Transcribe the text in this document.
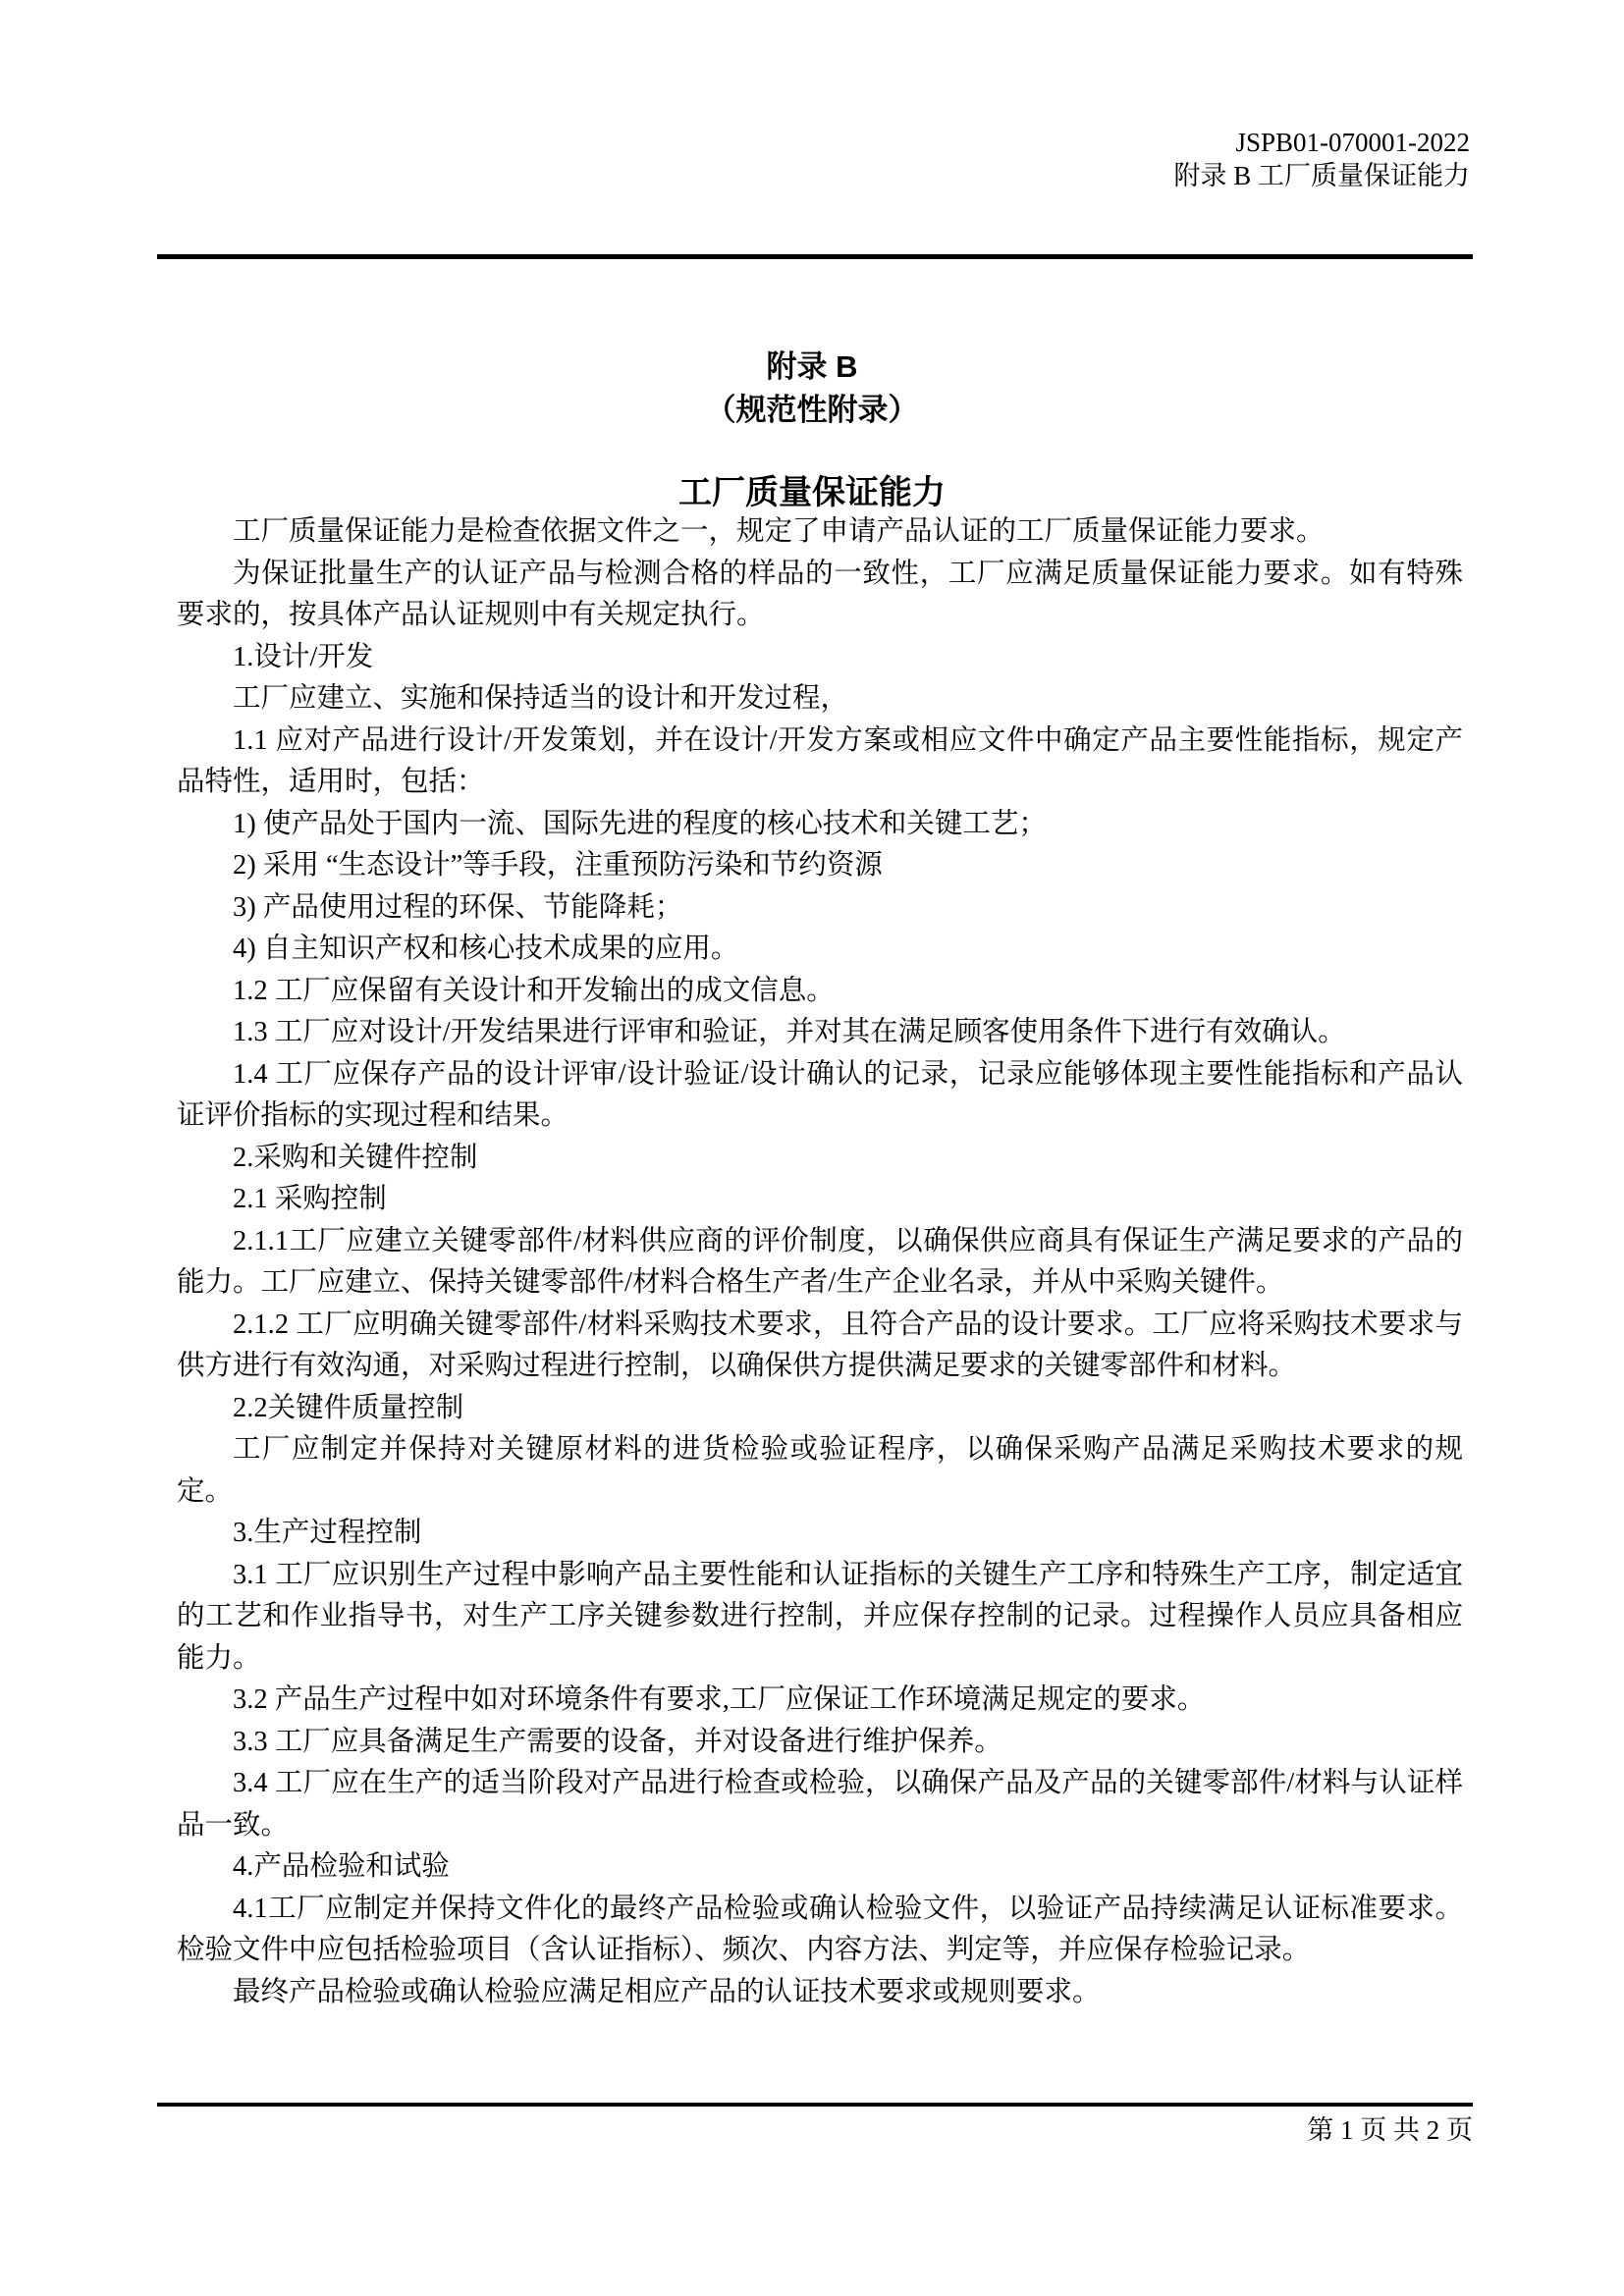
JSPB01-070001-2022
附录 B 工厂质量保证能力
附录 B
（规范性附录）
工厂质量保证能力

工厂质量保证能力是检查依据文件之一，规定了申请产品认证的工厂质量保证能力要求。

为保证批量生产的认证产品与检测合格的样品的一致性，工厂应满足质量保证能力要求。如有特殊要求的，按具体产品认证规则中有关规定执行。

1.设计/开发

工厂应建立、实施和保持适当的设计和开发过程，

1.1 应对产品进行设计/开发策划，并在设计/开发方案或相应文件中确定产品主要性能指标，规定产品特性，适用时，包括：

1) 使产品处于国内一流、国际先进的程度的核心技术和关键工艺；

2) 采用 “生态设计”等手段，注重预防污染和节约资源

3) 产品使用过程的环保、节能降耗；

4) 自主知识产权和核心技术成果的应用。

1.2 工厂应保留有关设计和开发输出的成文信息。

1.3 工厂应对设计/开发结果进行评审和验证，并对其在满足顾客使用条件下进行有效确认。

1.4 工厂应保存产品的设计评审/设计验证/设计确认的记录，记录应能够体现主要性能指标和产品认证评价指标的实现过程和结果。

2.采购和关键件控制

2.1 采购控制

2.1.1工厂应建立关键零部件/材料供应商的评价制度，以确保供应商具有保证生产满足要求的产品的能力。工厂应建立、保持关键零部件/材料合格生产者/生产企业名录，并从中采购关键件。

2.1.2 工厂应明确关键零部件/材料采购技术要求，且符合产品的设计要求。工厂应将采购技术要求与供方进行有效沟通，对采购过程进行控制，以确保供方提供满足要求的关键零部件和材料。

2.2关键件质量控制

工厂应制定并保持对关键原材料的进货检验或验证程序，以确保采购产品满足采购技术要求的规定。

3.生产过程控制

3.1 工厂应识别生产过程中影响产品主要性能和认证指标的关键生产工序和特殊生产工序，制定适宜的工艺和作业指导书，对生产工序关键参数进行控制，并应保存控制的记录。过程操作人员应具备相应能力。

3.2 产品生产过程中如对环境条件有要求,工厂应保证工作环境满足规定的要求。

3.3 工厂应具备满足生产需要的设备，并对设备进行维护保养。

3.4 工厂应在生产的适当阶段对产品进行检查或检验，以确保产品及产品的关键零部件/材料与认证样品一致。

4.产品检验和试验

4.1工厂应制定并保持文件化的最终产品检验或确认检验文件，以验证产品持续满足认证标准要求。检验文件中应包括检验项目（含认证指标）、频次、内容方法、判定等，并应保存检验记录。

最终产品检验或确认检验应满足相应产品的认证技术要求或规则要求。

第 1 页 共 2 页
